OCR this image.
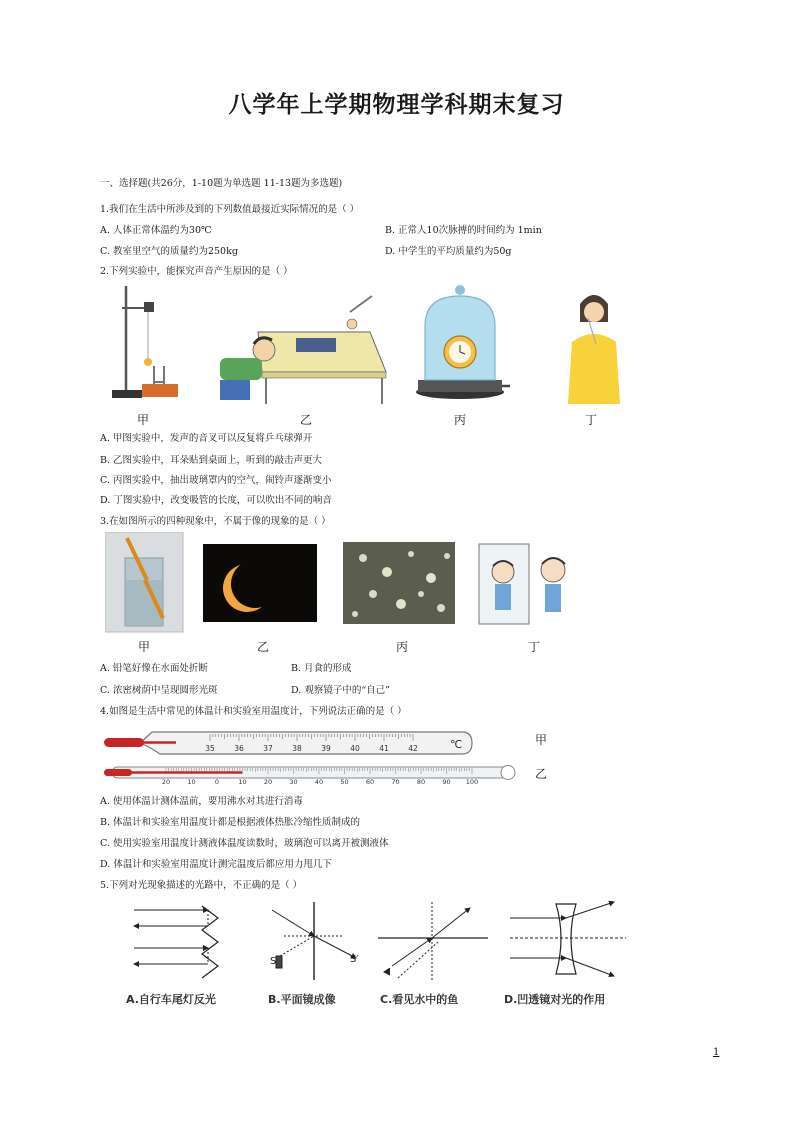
八学年上学期物理学科期末复习
一、选择题(共26分，1-10题为单选题 11-13题为多选题)
1.我们在生活中所涉及到的下列数值最接近实际情况的是（ ）
A. 人体正常体温约为30℃	B. 正常人10次脉搏的时间约为 1min
C. 教室里空气的质量约为250kg	D. 中学生的平均质量约为50g
2.下列实验中，能探究声音产生原因的是（ ）
甲	乙	丙	丁
A. 甲图实验中，发声的音叉可以反复将乒乓球弹开
B. 乙图实验中，耳朵贴到桌面上，听到的敲击声更大
C. 丙图实验中，抽出玻璃罩内的空气，闹铃声逐渐变小
D. 丁图实验中，改变吸管的长度，可以吹出不同的响音
3.在如图所示的四种现象中，不属于像的现象的是（ ）
甲	乙	丙	丁
A. 铅笔好像在水面处折断	B. 月食的形成
C. 浓密树荫中呈现圆形光斑	D. 观察镜子中的“自己”
4.如图是生活中常见的体温计和实验室用温度计，下列说法正确的是（ ）
35	36	37	38	39	40	41	42	℃
20	10	0	10	20	30	40	50	60	70	80	90 100
甲
乙
A. 使用体温计测体温前，要用沸水对其进行消毒
B. 体温计和实验室用温度计都是根据液体热胀冷缩性质制成的
C. 使用实验室用温度计测液体温度读数时，玻璃泡可以离开被测液体
D. 体温计和实验室用温度计测完温度后都应用力甩几下
5.下列对光现象描述的光路中，不正确的是（ ）
S	S′
A.自行车尾灯反光	B.平面镜成像	C.看见水中的鱼	D.凹透镜对光的作用
1
